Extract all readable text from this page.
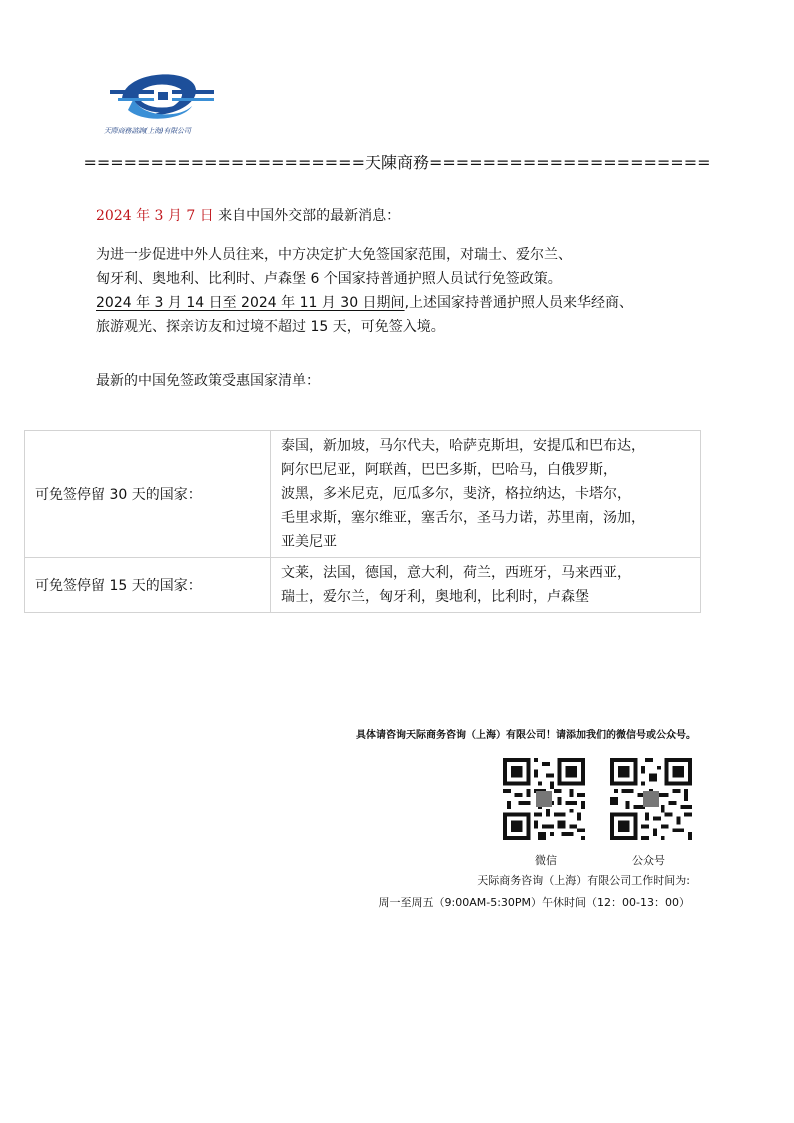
天際商務諮詢(上海)有限公司
=====================天陳商務=====================
2024 年 3 月 7 日 来自中国外交部的最新消息：
为进一步促进中外人员往来，中方决定扩大免签国家范围，对瑞士、爱尔兰、
匈牙利、奥地利、比利时、卢森堡 6 个国家持普通护照人员试行免签政策。
2024 年 3 月 14 日至 2024 年 11 月 30 日期间,上述国家持普通护照人员来华经商、
旅游观光、探亲访友和过境不超过 15 天，可免签入境。
最新的中国免签政策受惠国家清单：
可免签停留 30 天的国家：	泰国，新加坡，马尔代夫，哈萨克斯坦，安提瓜和巴布达，
阿尔巴尼亚，阿联酋，巴巴多斯，巴哈马，白俄罗斯，
波黑，多米尼克，厄瓜多尔，斐济，格拉纳达，卡塔尔，
毛里求斯，塞尔维亚，塞舌尔，圣马力诺，苏里南，汤加，
亚美尼亚

可免签停留 15 天的国家：	文莱，法国，德国，意大利，荷兰，西班牙，马来西亚，
瑞士，爱尔兰，匈牙利，奥地利，比利时，卢森堡
具体请咨询天际商务咨询（上海）有限公司！请添加我们的微信号或公众号。
微信	公众号
天际商务咨询（上海）有限公司工作时间为:
周一至周五（9:00AM-5:30PM）午休时间（12：00-13：00）
